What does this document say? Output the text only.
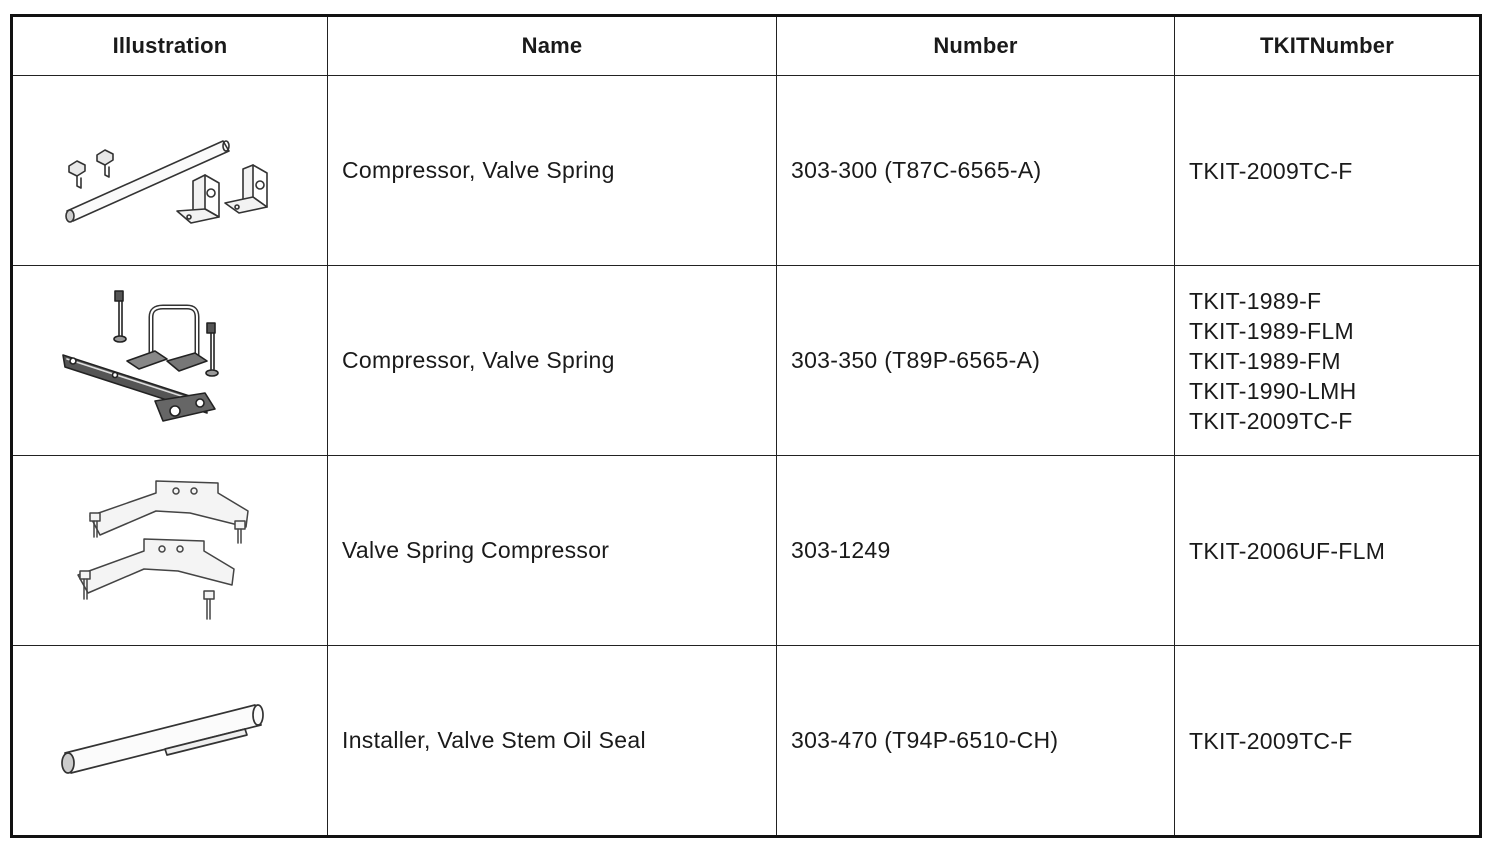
Illustration	Name	Number	TKITNumber

	Compressor, Valve Spring	303-300 (T87C-6565-A)	TKIT-2009TC-F

	Compressor, Valve Spring	303-350 (T89P-6565-A)	TKIT-1989-F
TKIT-1989-FLM
TKIT-1989-FM
TKIT-1990-LMH
TKIT-2009TC-F

	Valve Spring Compressor	303-1249	TKIT-2006UF-FLM

	Installer, Valve Stem Oil Seal	303-470 (T94P-6510-CH)	TKIT-2009TC-F
